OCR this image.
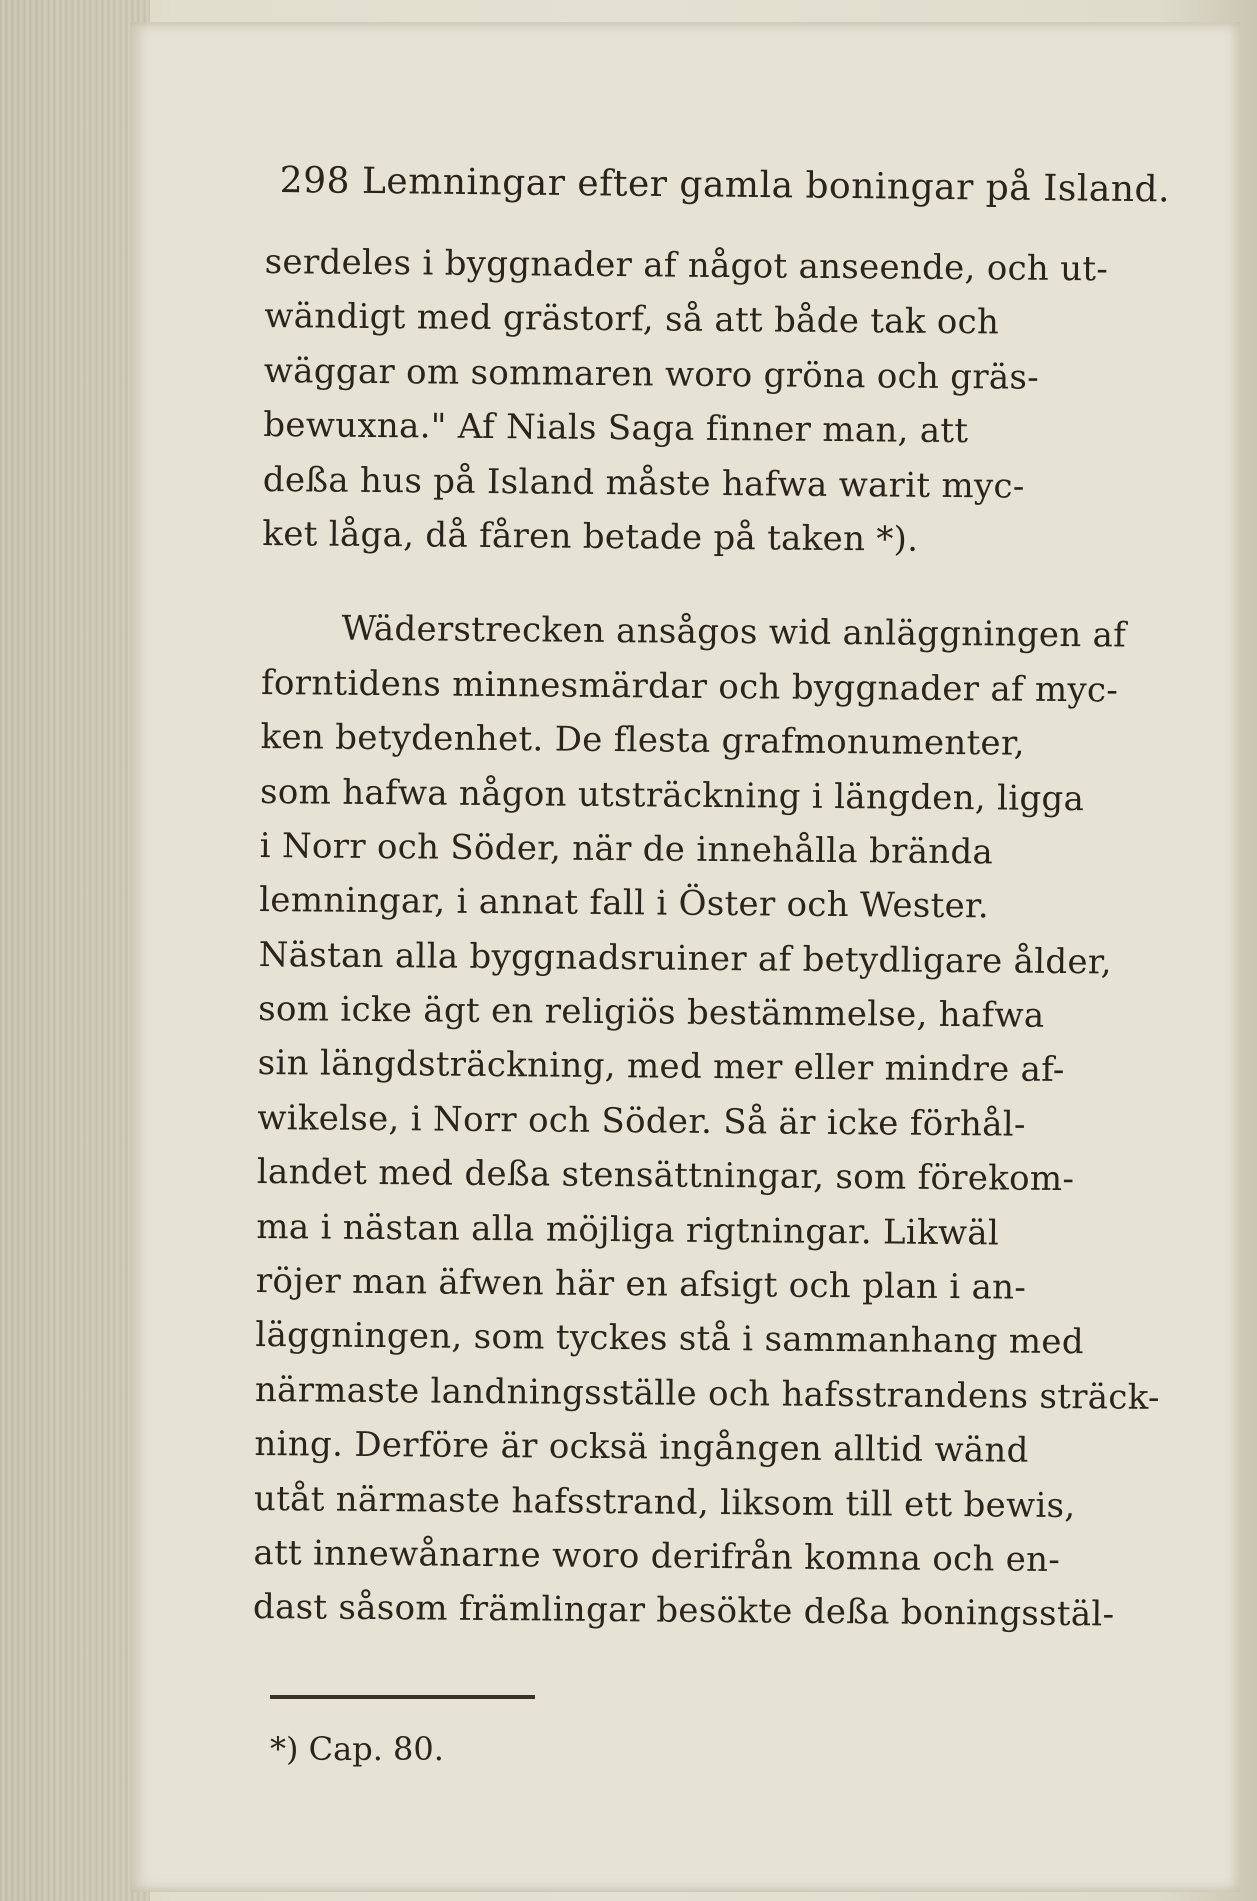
298 Lemningar efter gamla boningar på Island.
serdeles i byggnader af något anseende, och ut-
wändigt med grästorf, så att både tak och
wäggar om sommaren woro gröna och gräs-
bewuxna." Af Nials Saga finner man, att
deßa hus på Island måste hafwa warit myc-
ket låga, då fåren betade på taken *).
Wäderstrecken ansågos wid anläggningen af
forntidens minnesmärdar och byggnader af myc-
ken betydenhet. De flesta grafmonumenter,
som hafwa någon utsträckning i längden, ligga
i Norr och Söder, när de innehålla brända
lemningar, i annat fall i Öster och Wester.
Nästan alla byggnadsruiner af betydligare ålder,
som icke ägt en religiös bestämmelse, hafwa
sin längdsträckning, med mer eller mindre af-
wikelse, i Norr och Söder. Så är icke förhål-
landet med deßa stensättningar, som förekom-
ma i nästan alla möjliga rigtningar. Likwäl
röjer man äfwen här en afsigt och plan i an-
läggningen, som tyckes stå i sammanhang med
närmaste landningsställe och hafsstrandens sträck-
ning. Derföre är ocksä ingången alltid wänd
utåt närmaste hafsstrand, liksom till ett bewis,
att innewånarne woro derifrån komna och en-
dast såsom främlingar besökte deßa boningsstäl-
*) Cap. 80.
